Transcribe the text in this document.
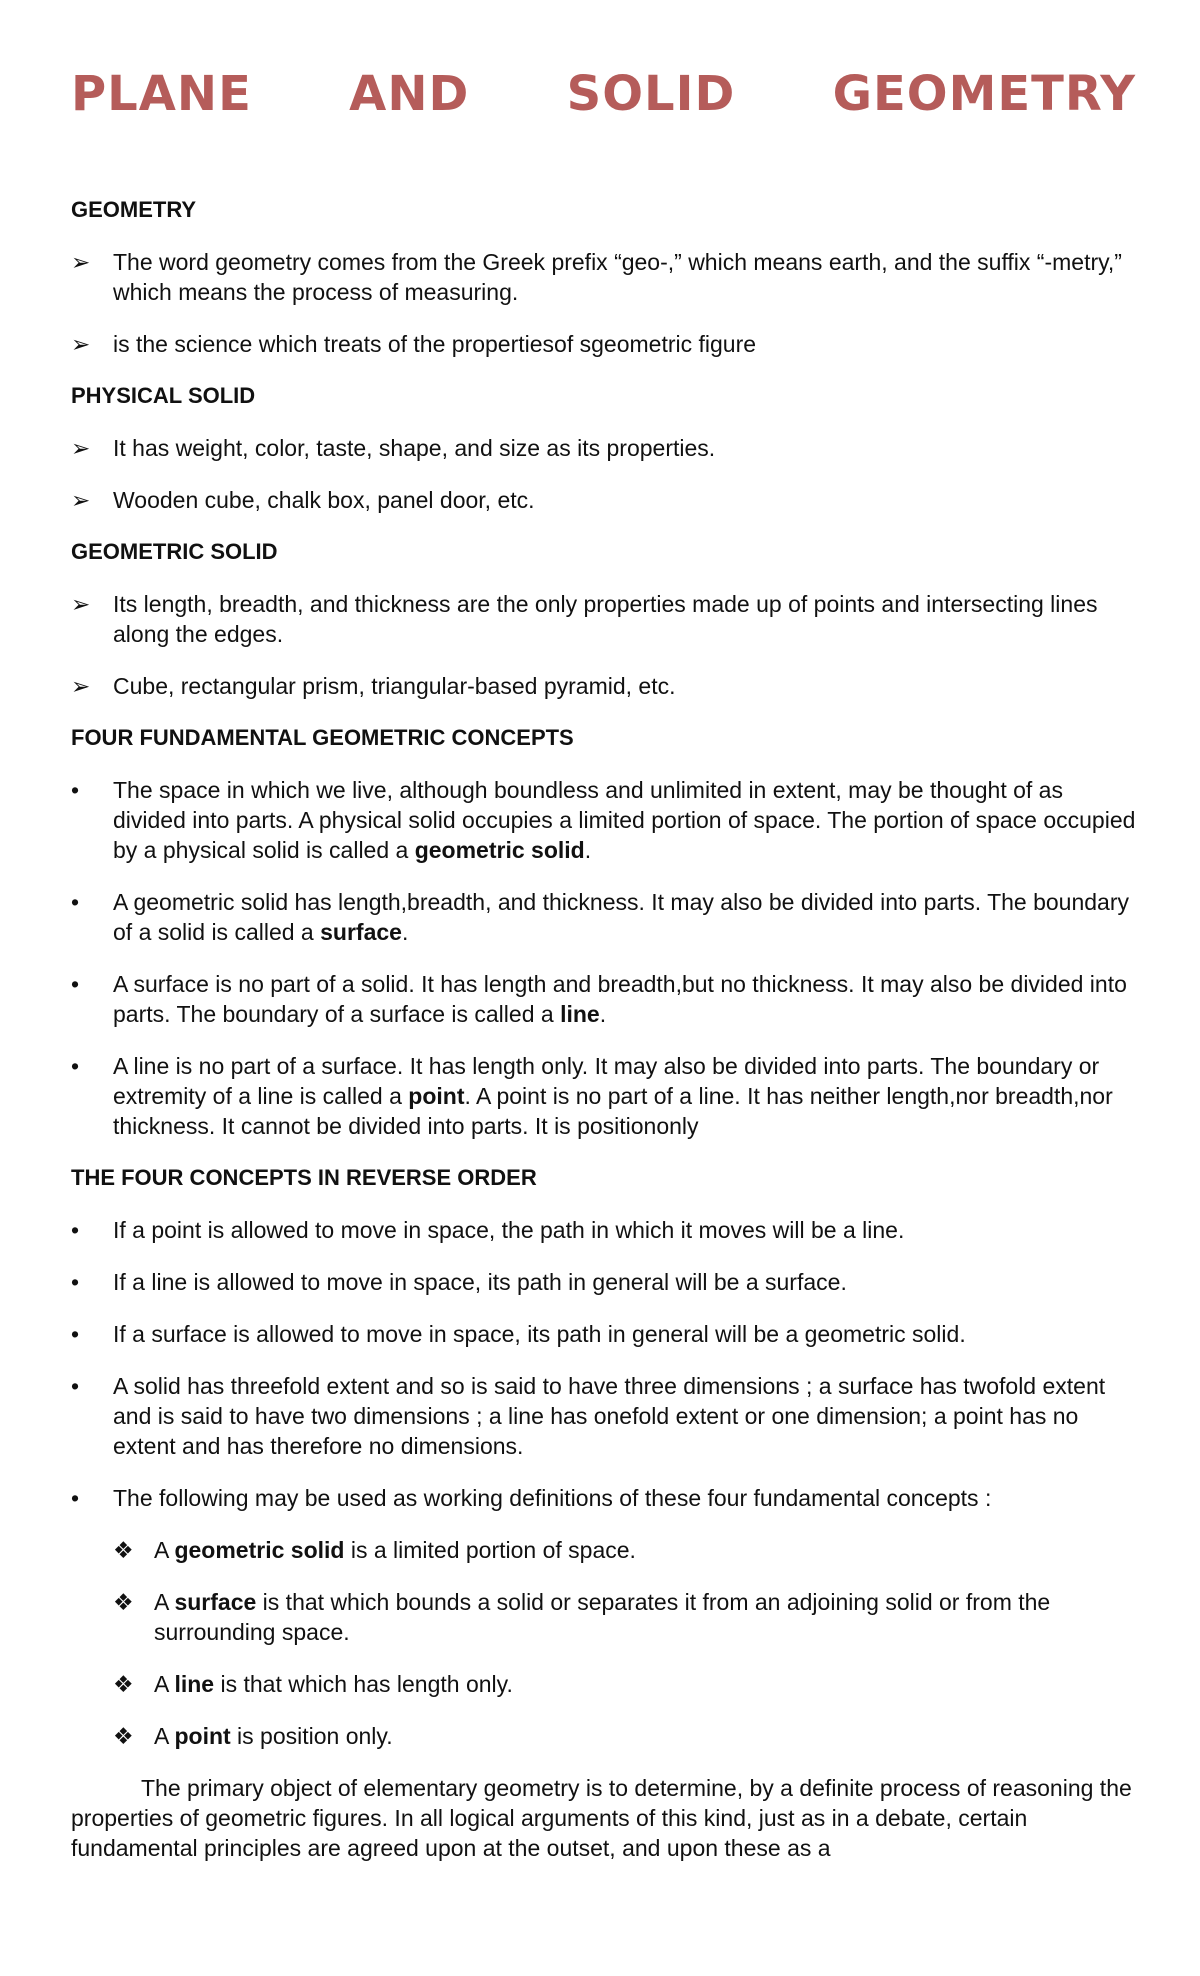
PLANE AND SOLID GEOMETRY
GEOMETRY
➢ The word geometry comes from the Greek prefix “geo-,” which means earth, and the suffix “-metry,” which means the process of measuring.
➢ is the science which treats of the propertiesof sgeometric figure
PHYSICAL SOLID
➢ It has weight, color, taste, shape, and size as its properties.
➢ Wooden cube, chalk box, panel door, etc.
GEOMETRIC SOLID
➢ Its length, breadth, and thickness are the only properties made up of points and intersecting lines along the edges.
➢ Cube, rectangular prism, triangular-based pyramid, etc.
FOUR FUNDAMENTAL GEOMETRIC CONCEPTS
•	The space in which we live, although boundless and unlimited in extent, may be thought of as divided into parts. A physical solid occupies a limited portion of space. The portion of space occupied by a physical solid is called a geometric solid.
•	A geometric solid has length,breadth, and thickness. It may also be divided into parts. The boundary of a solid is called a surface.
•	A surface is no part of a solid. It has length and breadth,but no thickness. It may also be divided into parts. The boundary of a surface is called a line.
•	A line is no part of a surface. It has length only. It may also be divided into parts. The boundary or extremity of a line is called a point. A point is no part of a line. It has neither length,nor breadth,nor thickness. It cannot be divided into parts. It is positiononly
THE FOUR CONCEPTS IN REVERSE ORDER
•	If a point is allowed to move in space, the path in which it moves will be a line.
•	If a line is allowed to move in space, its path in general will be a surface.
•	If a surface is allowed to move in space, its path in general will be a geometric solid.
•	A solid has threefold extent and so is said to have three dimensions ; a surface has twofold extent and is said to have two dimensions ; a line has onefold extent or one dimension; a point has no extent and has therefore no dimensions.
•	The following may be used as working definitions of these four fundamental concepts :
❖ A geometric solid is a limited portion of space.
❖ A surface is that which bounds a solid or separates it from an adjoining solid or from the surrounding space.
❖ A line is that which has length only.
❖ A point is position only.

The primary object of elementary geometry is to determine, by a definite process of reasoning the properties of geometric figures. In all logical arguments of this kind, just as in a debate, certain fundamental principles are agreed upon at the outset, and upon these as a
